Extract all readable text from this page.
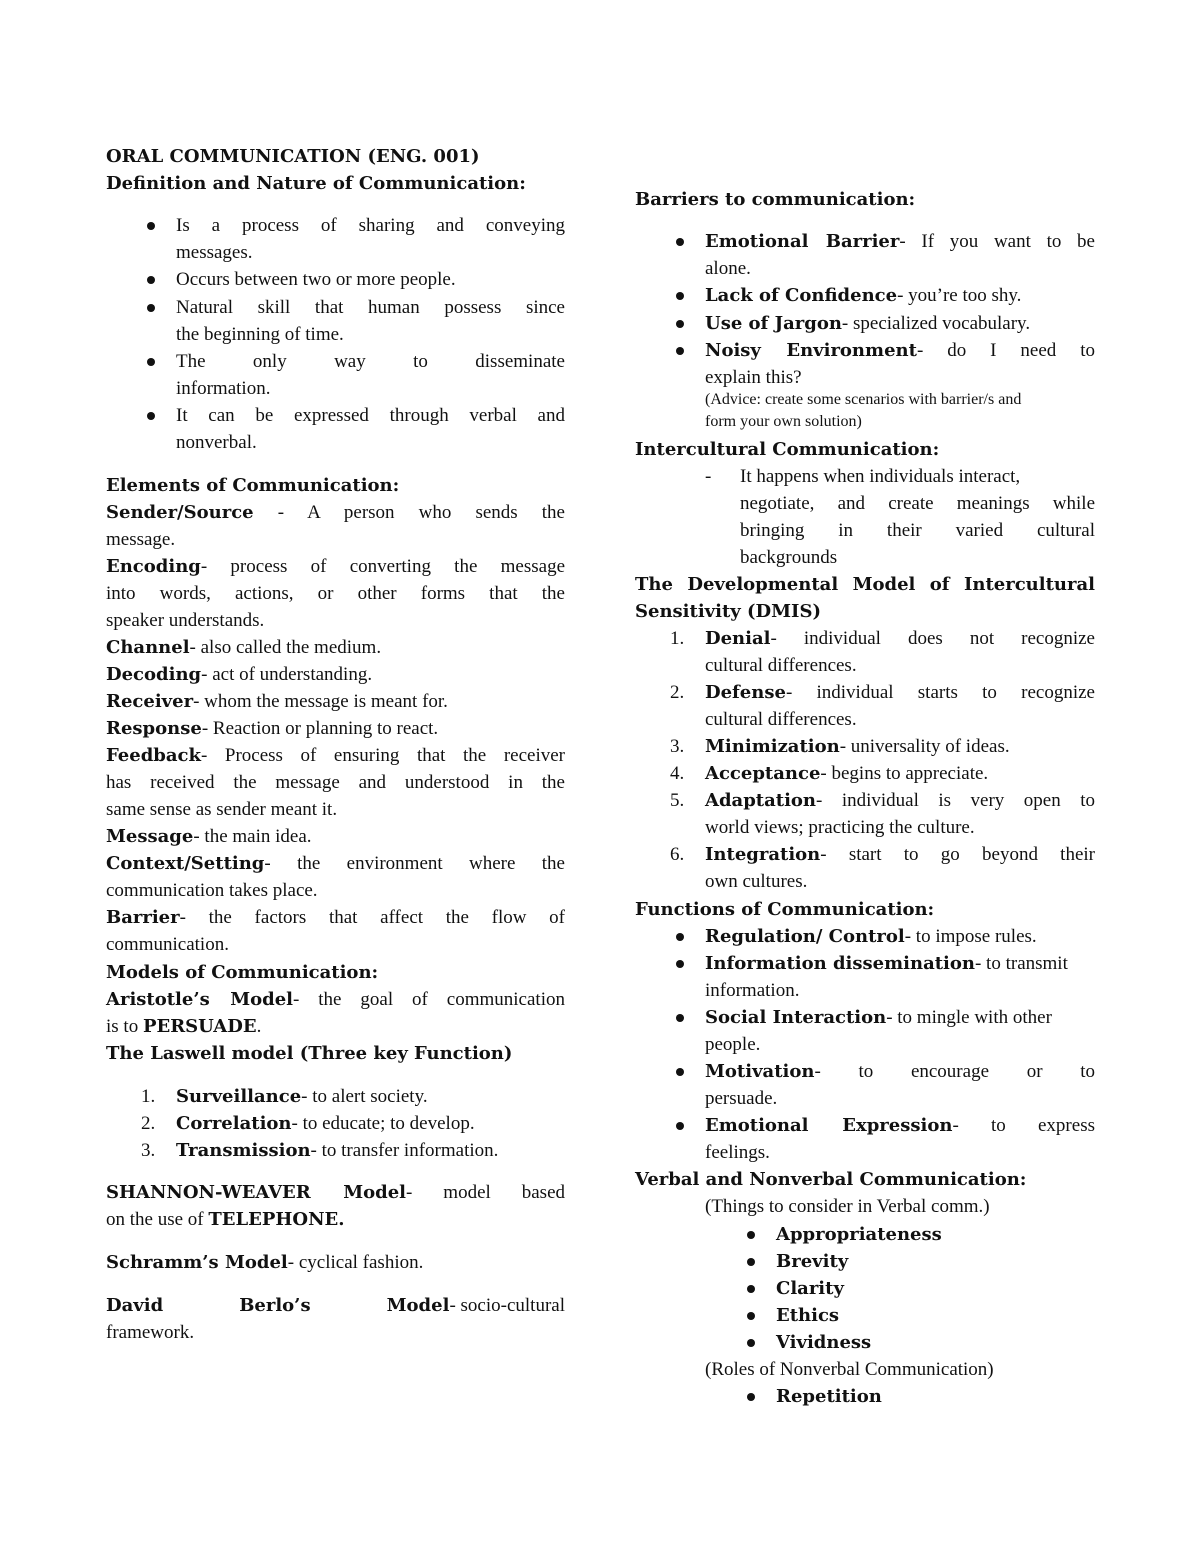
ORAL COMMUNICATION (ENG. 001)
Definition and Nature of Communication:
Is a process of sharing and conveying
messages.
Occurs between two or more people.
Natural skill that human possess since
the beginning of time.
The only way to disseminate
information.
It can be expressed through verbal and
nonverbal.
Elements of Communication:
Sender/Source - A person who sends the
message.
Encoding- process of converting the message
into words, actions, or other forms that the
speaker understands.
Channel- also called the medium.
Decoding- act of understanding.
Receiver- whom the message is meant for.
Response- Reaction or planning to react.
Feedback- Process of ensuring that the receiver
has received the message and understood in the
same sense as sender meant it.
Message- the main idea.
Context/Setting- the environment where the
communication takes place.
Barrier- the factors that affect the flow of
communication.
Models of Communication:
Aristotle’s Model- the goal of communication
is to PERSUADE.
The Laswell model (Three key Function)
1.	Surveillance- to alert society.
2.	Correlation- to educate; to develop.
3.	Transmission- to transfer information.
SHANNON-WEAVER Model- model based
on the use of TELEPHONE.
Schramm’s Model- cyclical fashion.
David	Berlo’s	Model- socio-cultural
framework.
Barriers to communication:
Emotional Barrier- If you want to be
alone.
Lack of Confidence- you’re too shy.
Use of Jargon- specialized vocabulary.
Noisy Environment- do I need to
explain this?
(Advice: create some scenarios with barrier/s and
form your own solution)
Intercultural Communication:
- It happens when individuals interact,
negotiate, and create meanings while
bringing in their varied cultural
backgrounds
The Developmental Model of Intercultural
Sensitivity (DMIS)
1.	Denial- individual does not recognize
cultural differences.
2.	Defense- individual starts to recognize
cultural differences.
3.	Minimization- universality of ideas.
4.	Acceptance- begins to appreciate.
5.	Adaptation- individual is very open to
world views; practicing the culture.
6.	Integration- start to go beyond their
own cultures.
Functions of Communication:
Regulation/ Control- to impose rules.
Information dissemination- to transmit
information.
Social Interaction- to mingle with other
people.
Motivation- to encourage or to
persuade.
Emotional Expression- to express
feelings.
Verbal and Nonverbal Communication:
(Things to consider in Verbal comm.)
Appropriateness
Brevity
Clarity
Ethics
Vividness
(Roles of Nonverbal Communication)
Repetition
